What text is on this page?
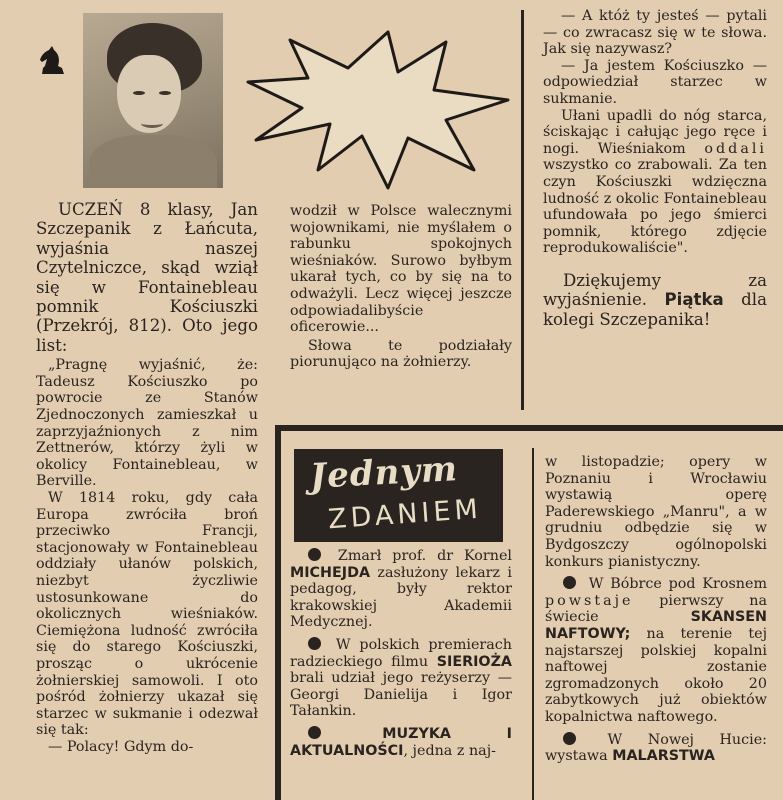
UCZEŃ 8 klasy, Jan Szczepanik z Łańcuta, wyjaśnia naszej Czytelniczce, skąd wziął się w Fontainebleau pomnik Kościuszki (Przekrój, 812). Oto jego list:

„Pragnę wyjaśnić, że: Tadeusz Kościuszko po powrocie ze Stanów Zjednoczonych zamieszkał u zaprzyjaźnionych z nim Zettnerów, którzy żyli w okolicy Fontainebleau, w Berville.

W 1814 roku, gdy cała Europa zwróciła broń przeciwko Francji, stacjonowały w Fontainebleau oddziały ułanów polskich, niezbyt życzliwie ustosunkowane do okolicznych wieśniaków. Ciemiężona ludność zwróciła się do starego Kościuszki, prosząc o ukrócenie żołnierskiej samowoli. I oto pośród żołnierzy ukazał się starzec w sukmanie i odezwał się tak:

— Polacy! Gdym do-

wodził w Polsce walecznymi wojownikami, nie myślałem o rabunku spokojnych wieśniaków. Surowo byłbym ukarał tych, co by się na to odważyli. Lecz więcej jeszcze odpowiadalibyście oficerowie...

Słowa te podziałały piorunująco na żołnierzy.

— A któż ty jesteś — pytali — co zwracasz się w te słowa. Jak się nazywasz?

— Ja jestem Kościuszko — odpowiedział starzec w sukmanie.

Ułani upadli do nóg starca, ściskając i całując jego ręce i nogi. Wieśniakom oddali wszystko co zrabowali. Za ten czyn Kościuszki wdzięczna ludność z okolic Fontainebleau ufundowała po jego śmierci pomnik, którego zdjęcie reprodukowaliście".

Dziękujemy za wyjaśnienie. Piątka dla kolegi Szczepanika!

Jednym
ZDANIEM

Zmarł prof. dr Kornel MICHEJDA zasłużony lekarz i pedagog, były rektor krakowskiej Akademii Medycznej.

W polskich premierach radzieckiego filmu SIERIOŻA brali udział jego reżyserzy — Georgi Danielija i Igor Tałankin.

MUZYKA I AKTUALNOŚCI, jedna z naj-

w listopadzie; opery w Poznaniu i Wrocławiu wystawią operę Paderewskiego „Manru", a w grudniu odbędzie się w Bydgoszczy ogólnopolski konkurs pianistyczny.

W Bóbrce pod Krosnem powstaje pierwszy na świecie	SKANSEN NAFTOWY; na terenie tej najstarszej polskiej kopalni naftowej zostanie zgromadzonych około 20 zabytkowych już obiektów kopalnictwa naftowego.

W Nowej Hucie: wystawa MALARSTWA
